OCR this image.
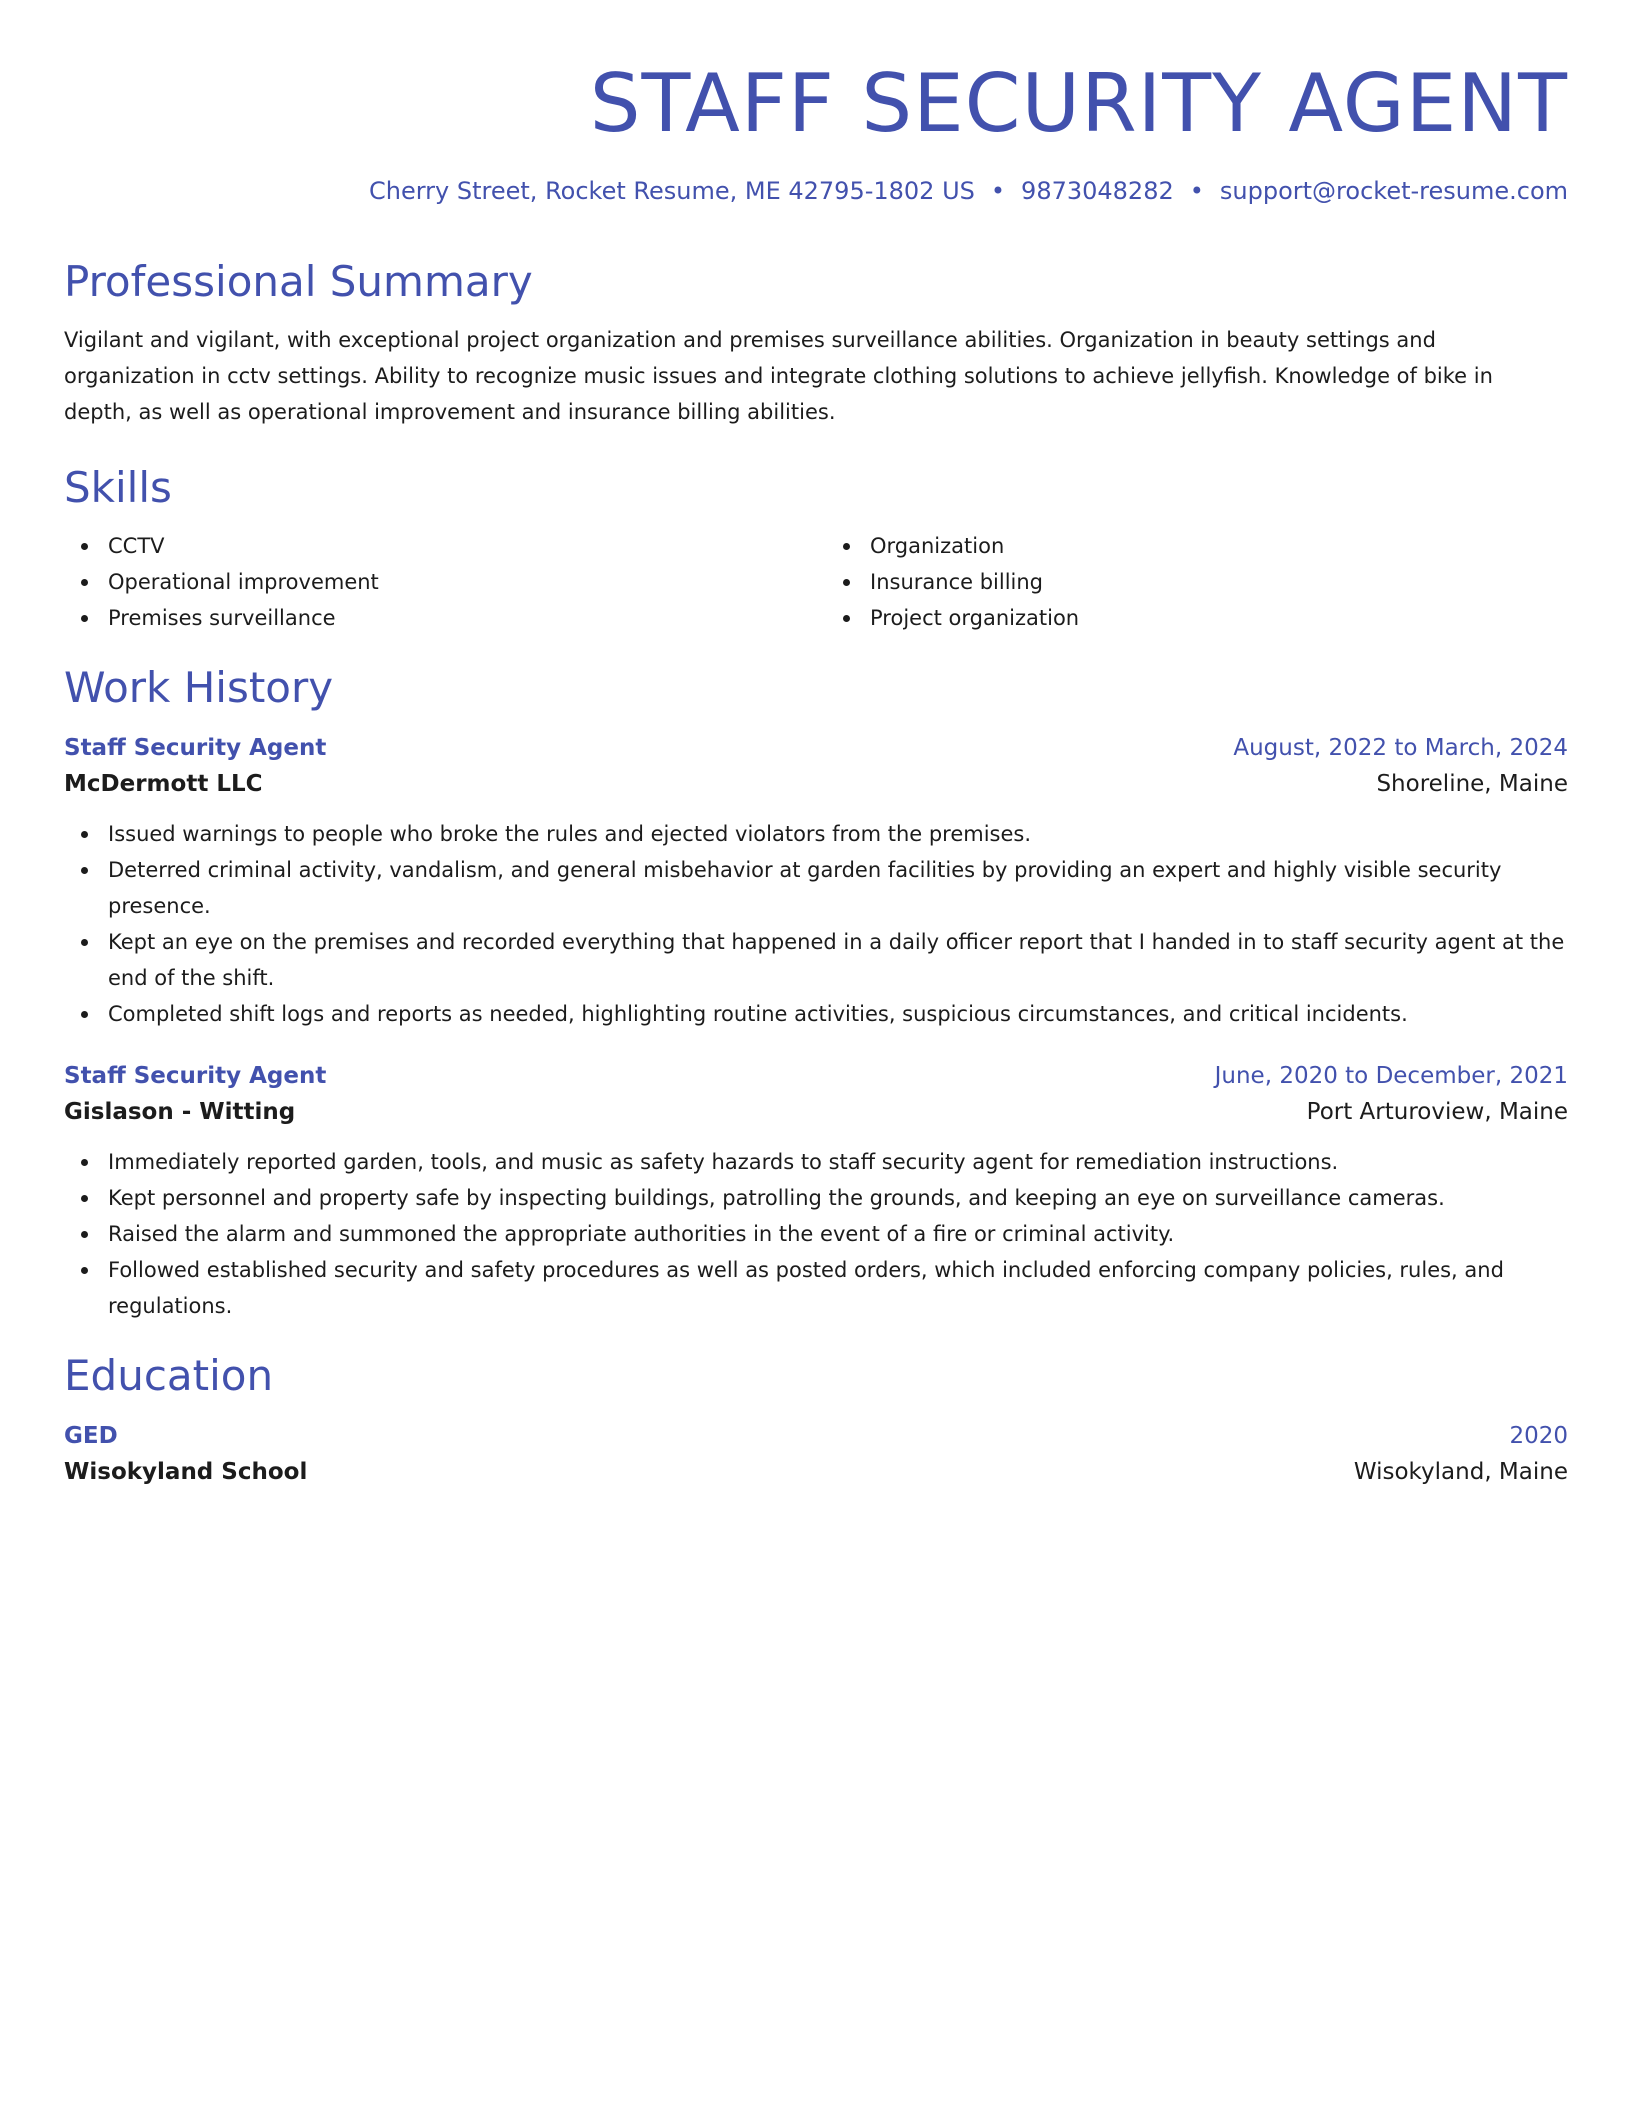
STAFF SECURITY AGENT
Cherry Street, Rocket Resume, ME 42795-1802 US • 9873048282 • support@rocket-resume.com
Professional Summary
Vigilant and vigilant, with exceptional project organization and premises surveillance abilities. Organization in beauty settings and organization in cctv settings. Ability to recognize music issues and integrate clothing solutions to achieve jellyfish. Knowledge of bike in depth, as well as operational improvement and insurance billing abilities.
Skills
CCTV
Operational improvement
Premises surveillance
Organization
Insurance billing
Project organization
Work History
Staff Security Agent	August, 2022 to March, 2024
McDermott LLC	Shoreline, Maine
Issued warnings to people who broke the rules and ejected violators from the premises.
Deterred criminal activity, vandalism, and general misbehavior at garden facilities by providing an expert and highly visible security presence.
Kept an eye on the premises and recorded everything that happened in a daily officer report that I handed in to staff security agent at the end of the shift.
Completed shift logs and reports as needed, highlighting routine activities, suspicious circumstances, and critical incidents.
Staff Security Agent	June, 2020 to December, 2021
Gislason - Witting	Port Arturoview, Maine
Immediately reported garden, tools, and music as safety hazards to staff security agent for remediation instructions.
Kept personnel and property safe by inspecting buildings, patrolling the grounds, and keeping an eye on surveillance cameras.
Raised the alarm and summoned the appropriate authorities in the event of a fire or criminal activity.
Followed established security and safety procedures as well as posted orders, which included enforcing company policies, rules, and regulations.
Education
GED	2020
Wisokyland School	Wisokyland, Maine
